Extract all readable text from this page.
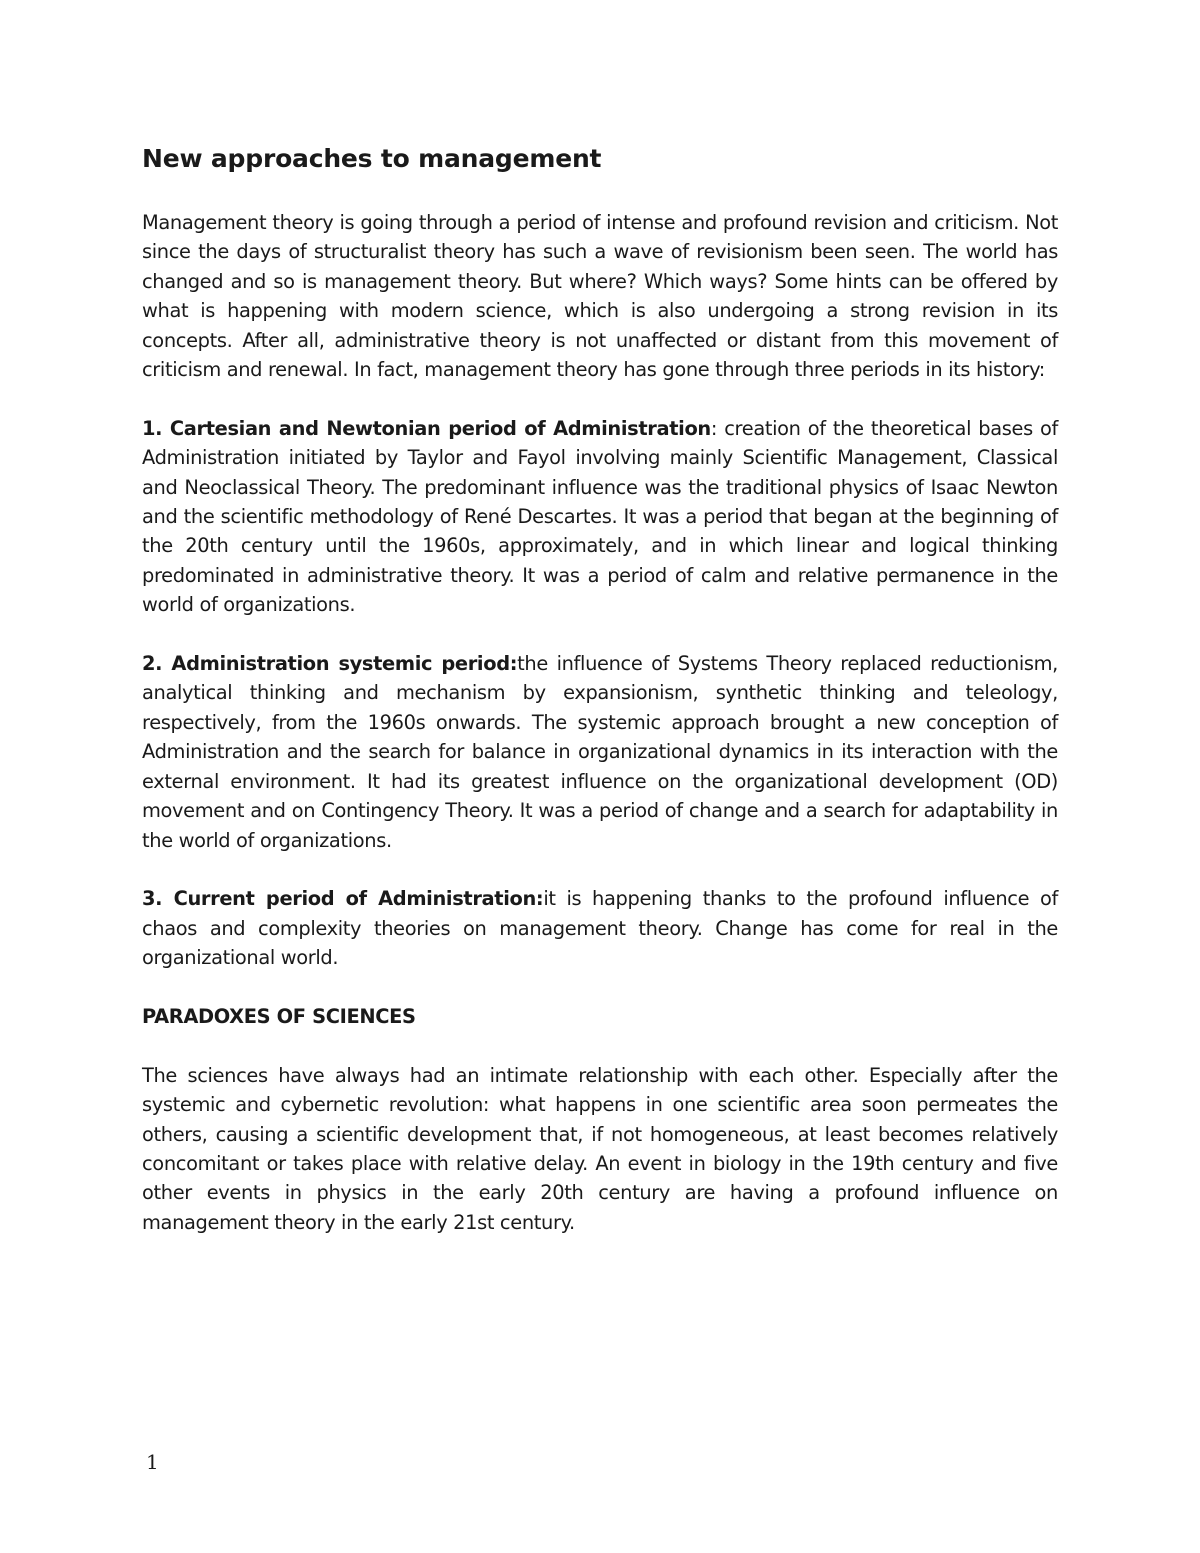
New approaches to management

Management theory is going through a period of intense and profound revision and criticism. Not since the days of structuralist theory has such a wave of revisionism been seen. The world has changed and so is management theory. But where? Which ways? Some hints can be offered by what is happening with modern science, which is also undergoing a strong revision in its concepts. After all, administrative theory is not unaffected or distant from this movement of criticism and renewal. In fact, management theory has gone through three periods in its history:

1. Cartesian and Newtonian period of Administration: creation of the theoretical bases of Administration initiated by Taylor and Fayol involving mainly Scientific Management, Classical and Neoclassical Theory. The predominant influence was the traditional physics of Isaac Newton and the scientific methodology of René Descartes. It was a period that began at the beginning of the 20th century until the 1960s, approximately, and in which linear and logical thinking predominated in administrative theory. It was a period of calm and relative permanence in the world of organizations.

2. Administration systemic period:the influence of Systems Theory replaced reductionism, analytical thinking and mechanism by expansionism, synthetic thinking and teleology, respectively, from the 1960s onwards. The systemic approach brought a new conception of Administration and the search for balance in organizational dynamics in its interaction with the external environment. It had its greatest influence on the organizational development (OD) movement and on Contingency Theory. It was a period of change and a search for adaptability in the world of organizations.

3. Current period of Administration:it is happening thanks to the profound influence of chaos and complexity theories on management theory. Change has come for real in the organizational world.

PARADOXES OF SCIENCES

The sciences have always had an intimate relationship with each other. Especially after the systemic and cybernetic revolution: what happens in one scientific area soon permeates the others, causing a scientific development that, if not homogeneous, at least becomes relatively concomitant or takes place with relative delay. An event in biology in the 19th century and five other events in physics in the early 20th century are having a profound influence on management theory in the early 21st century.

1
